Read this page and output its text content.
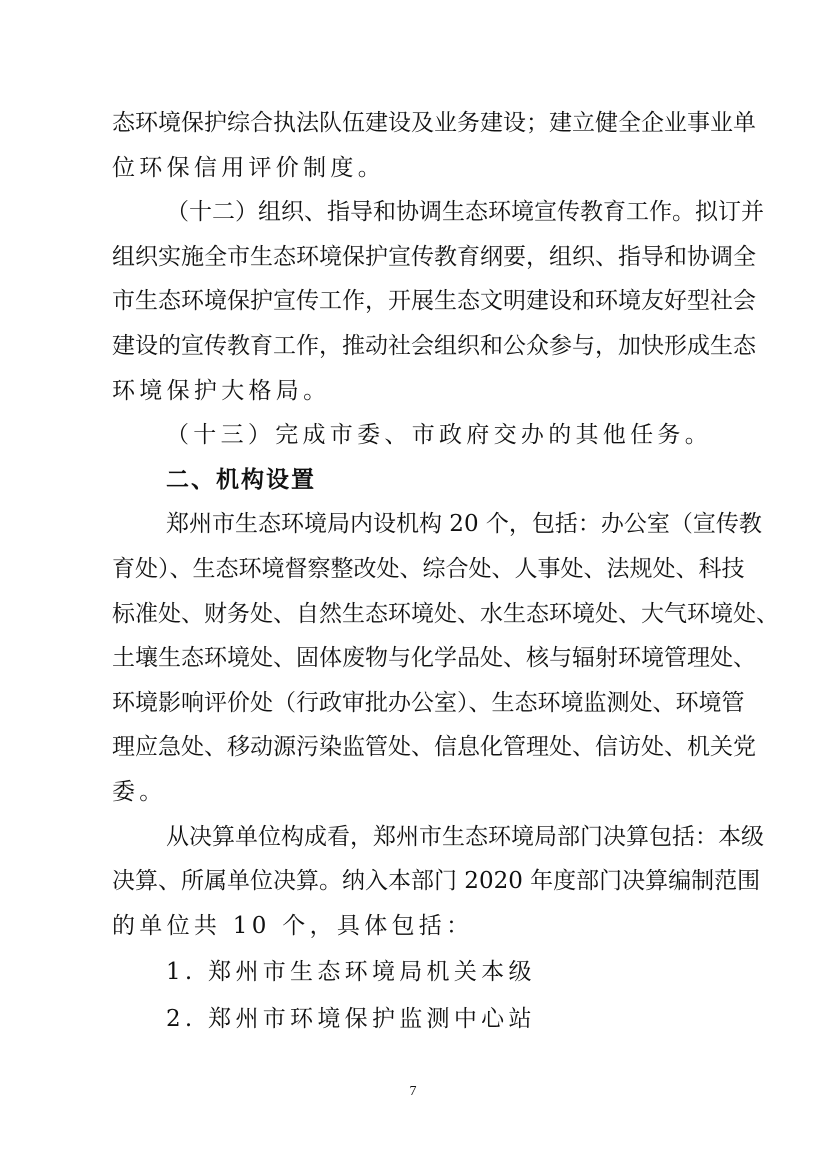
态环境保护综合执法队伍建设及业务建设；建立健全企业事业单
位环保信用评价制度。
（十二）组织、指导和协调生态环境宣传教育工作。拟订并
组织实施全市生态环境保护宣传教育纲要，组织、指导和协调全
市生态环境保护宣传工作，开展生态文明建设和环境友好型社会
建设的宣传教育工作，推动社会组织和公众参与，加快形成生态
环境保护大格局。
（十三）完成市委、市政府交办的其他任务。
二、机构设置
郑州市生态环境局内设机构 20 个，包括：办公室（宣传教
育处）、生态环境督察整改处、综合处、人事处、法规处、科技
标准处、财务处、自然生态环境处、水生态环境处、大气环境处、
土壤生态环境处、固体废物与化学品处、核与辐射环境管理处、
环境影响评价处（行政审批办公室）、生态环境监测处、环境管
理应急处、移动源污染监管处、信息化管理处、信访处、机关党
委。
从决算单位构成看，郑州市生态环境局部门决算包括：本级
决算、所属单位决算。纳入本部门 2020 年度部门决算编制范围
的单位共 10 个，具体包括：
1. 郑州市生态环境局机关本级
2. 郑州市环境保护监测中心站
7
